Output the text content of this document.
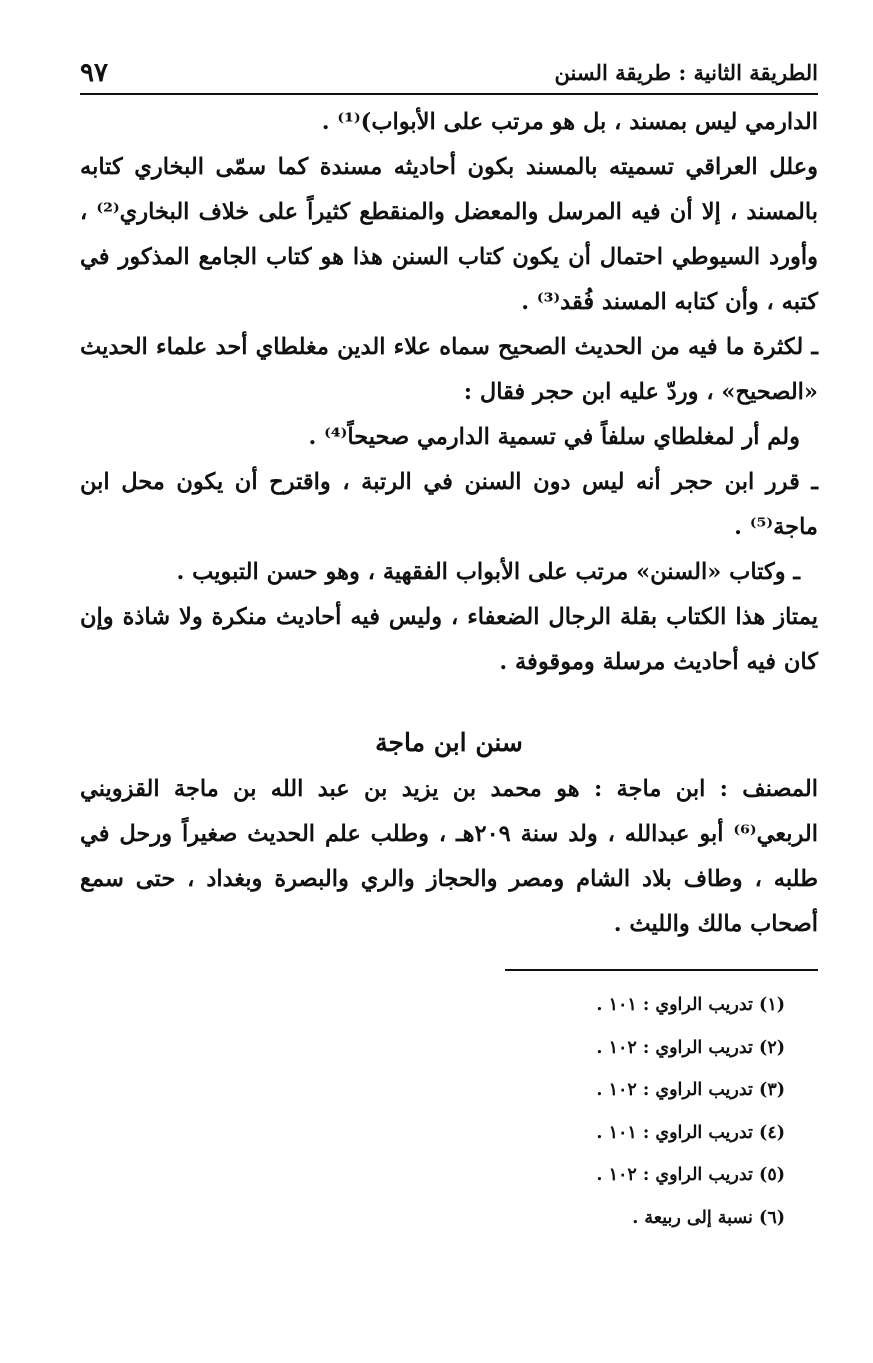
الطريقة الثانية : طريقة السنن
٩٧

الدارمي ليس بمسند ، بل هو مرتب على الأبواب)⁽¹⁾ .

وعلل العراقي تسميته بالمسند بكون أحاديثه مسندة كما سمّى البخاري كتابه بالمسند ، إلا أن فيه المرسل والمعضل والمنقطع كثيراً على خلاف البخاري⁽²⁾ ، وأورد السيوطي احتمال أن يكون كتاب السنن هذا هو كتاب الجامع المذكور في كتبه ، وأن كتابه المسند فُقد⁽³⁾ .

ـ لكثرة ما فيه من الحديث الصحيح سماه علاء الدين مغلطاي أحد علماء الحديث «الصحيح» ، وردّ عليه ابن حجر فقال :

ولم أر لمغلطاي سلفاً في تسمية الدارمي صحيحاً⁽⁴⁾ .

ـ قرر ابن حجر أنه ليس دون السنن في الرتبة ، واقترح أن يكون محل ابن ماجة⁽⁵⁾ .

ـ وكتاب «السنن» مرتب على الأبواب الفقهية ، وهو حسن التبويب .

يمتاز هذا الكتاب بقلة الرجال الضعفاء ، وليس فيه أحاديث منكرة ولا شاذة وإن كان فيه أحاديث مرسلة وموقوفة .

سنن ابن ماجة

المصنف : ابن ماجة : هو محمد بن يزيد بن عبد الله بن ماجة القزويني الربعي⁽⁶⁾ أبو عبدالله ، ولد سنة ٢٠٩هـ ، وطلب علم الحديث صغيراً ورحل في طلبه ، وطاف بلاد الشام ومصر والحجاز والري والبصرة وبغداد ، حتى سمع أصحاب مالك والليث .

(١) تدريب الراوي : ١٠١ .
(٢) تدريب الراوي : ١٠٢ .
(٣) تدريب الراوي : ١٠٢ .
(٤) تدريب الراوي : ١٠١ .
(٥) تدريب الراوي : ١٠٢ .
(٦) نسبة إلى ربيعة .
